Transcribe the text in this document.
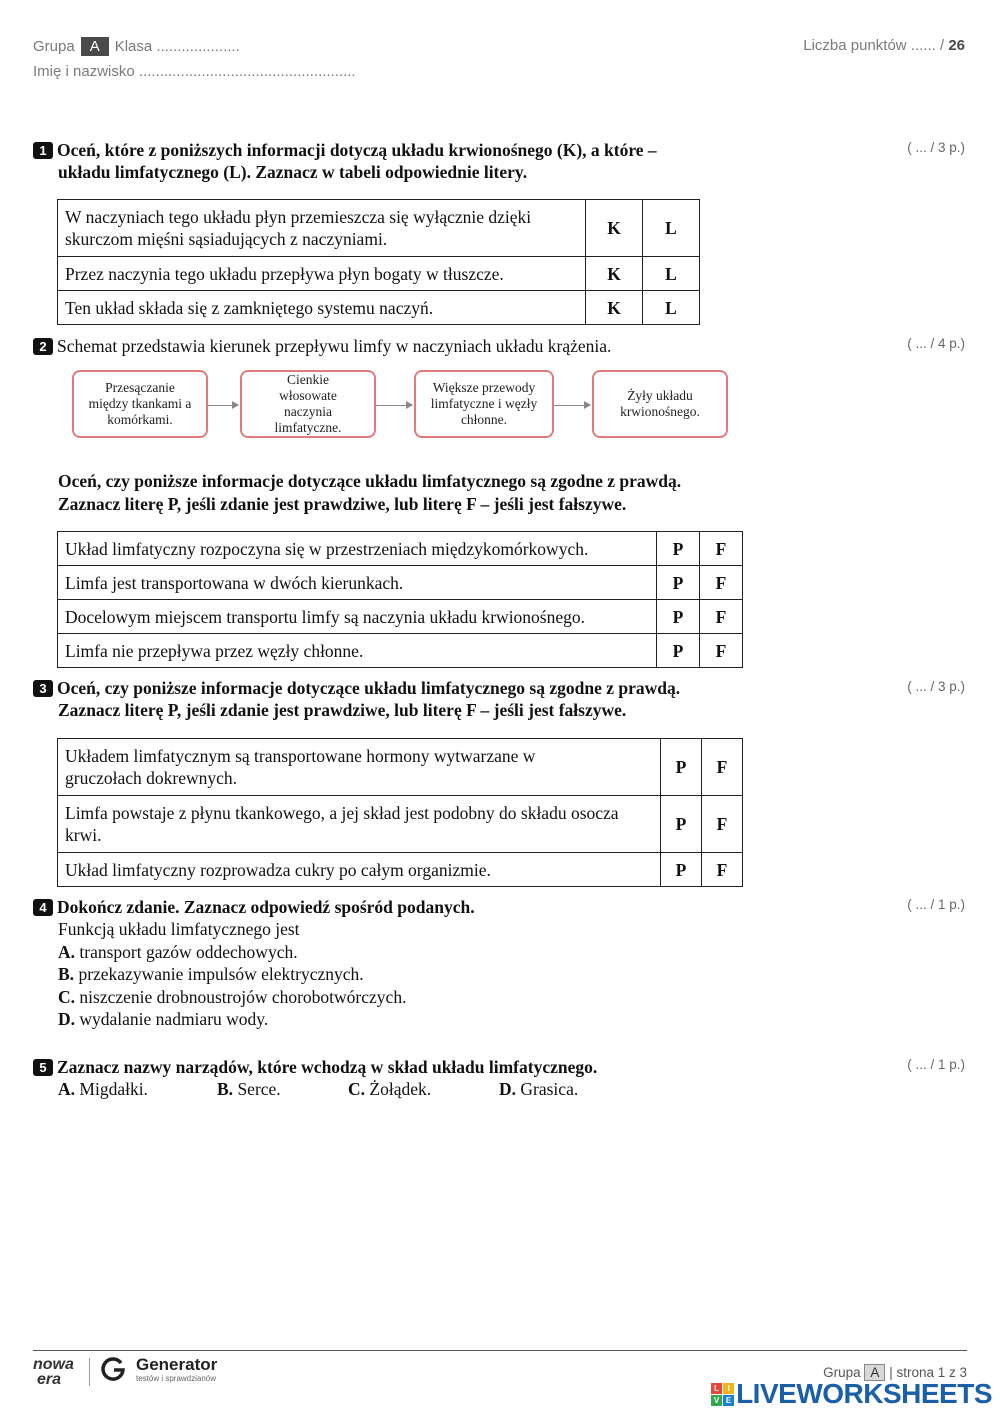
Grupa A Klasa ....................
Imię i nazwisko ....................................................
Liczba punktów ...... / 26
1 Oceń, które z poniższych informacji dotyczą układu krwionośnego (K), a które –
układu limfatycznego (L). Zaznacz w tabeli odpowiednie litery.
( ... / 3 p.)
W naczyniach tego układu płyn przemieszcza się wyłącznie dzięki skurczom mięśni sąsiadujących z naczyniami.	K	L
Przez naczynia tego układu przepływa płyn bogaty w tłuszcze.	K	L
Ten układ składa się z zamkniętego systemu naczyń.	K	L
2 Schemat przedstawia kierunek przepływu limfy w naczyniach układu krążenia.	( ... / 4 p.)
Przesączanie między tkankami a komórkami.
Cienkie włosowate naczynia limfatyczne.
Większe przewody limfatyczne i węzły chłonne.
Żyły układu krwionośnego.
Oceń, czy poniższe informacje dotyczące układu limfatycznego są zgodne z prawdą.
Zaznacz literę P, jeśli zdanie jest prawdziwe, lub literę F – jeśli jest fałszywe.
Układ limfatyczny rozpoczyna się w przestrzeniach międzykomórkowych.	P	F
Limfa jest transportowana w dwóch kierunkach.	P	F
Docelowym miejscem transportu limfy są naczynia układu krwionośnego.	P	F
Limfa nie przepływa przez węzły chłonne.	P	F
3 Oceń, czy poniższe informacje dotyczące układu limfatycznego są zgodne z prawdą.
Zaznacz literę P, jeśli zdanie jest prawdziwe, lub literę F – jeśli jest fałszywe.
( ... / 3 p.)
Układem limfatycznym są transportowane hormony wytwarzane w gruczołach dokrewnych.	P	F
Limfa powstaje z płynu tkankowego, a jej skład jest podobny do składu osocza krwi.	P	F
Układ limfatyczny rozprowadza cukry po całym organizmie.	P	F
4 Dokończ zdanie. Zaznacz odpowiedź spośród podanych.	( ... / 1 p.)
Funkcją układu limfatycznego jest
A. transport gazów oddechowych.
B. przekazywanie impulsów elektrycznych.
C. niszczenie drobnoustrojów chorobotwórczych.
D. wydalanie nadmiaru wody.
5 Zaznacz nazwy narządów, które wchodzą w skład układu limfatycznego.	( ... / 1 p.)
A. Migdałki.	B. Serce.	C. Żołądek.	D. Grasica.
nowa
era
Generator
testów i sprawdzianów	Grupa A | strona 1 z 3
L	I
V E LIVEWORKSHEETS
